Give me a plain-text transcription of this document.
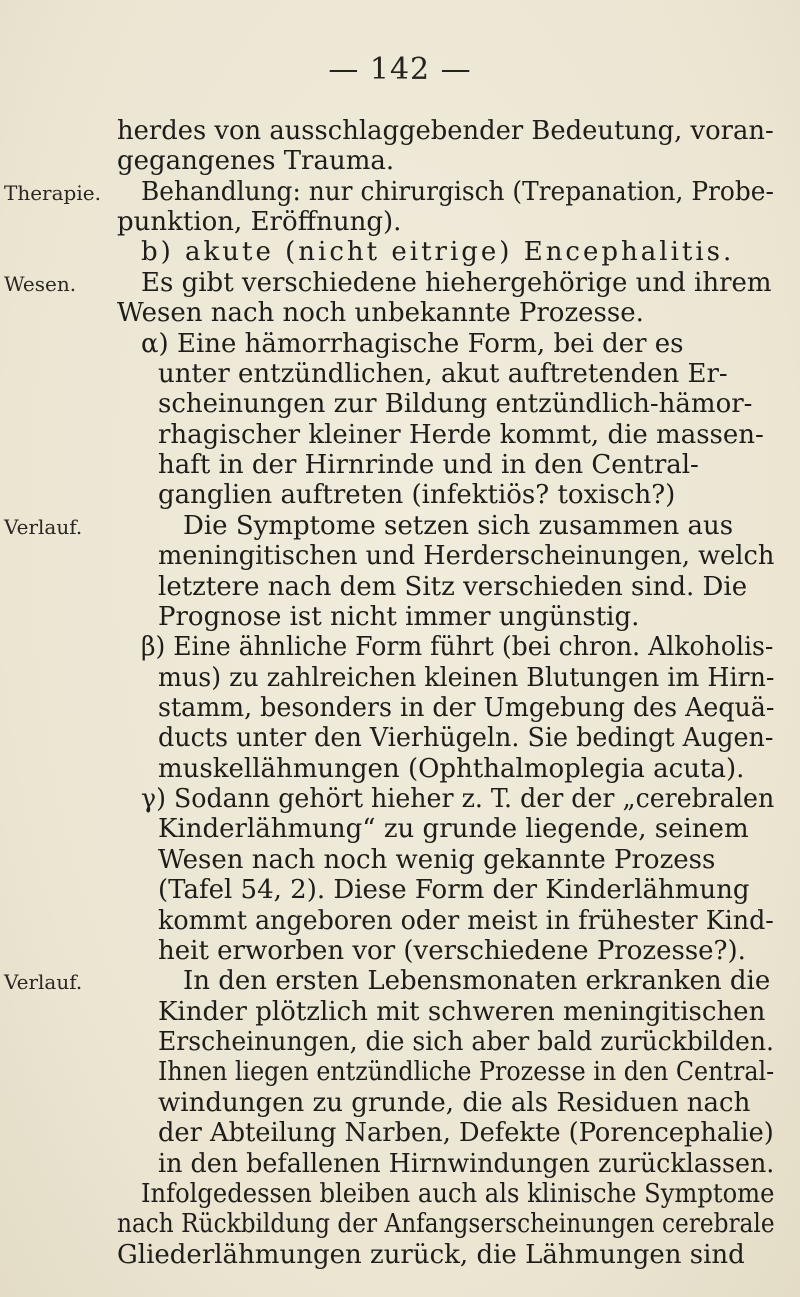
— 142 —
Therapie.
Wesen.
Verlauf.
Verlauf.
herdes von ausschlaggebender Bedeutung, voran-
gegangenes Trauma.
Behandlung: nur chirurgisch (Trepanation, Probe-
punktion, Eröffnung).
b) akute (nicht eitrige) Encephalitis.
Es gibt verschiedene hiehergehörige und ihrem
Wesen nach noch unbekannte Prozesse.
α) Eine hämorrhagische Form, bei der es
unter entzündlichen, akut auftretenden Er-
scheinungen zur Bildung entzündlich-hämor-
rhagischer kleiner Herde kommt, die massen-
haft in der Hirnrinde und in den Central-
ganglien auftreten (infektiös? toxisch?)
Die Symptome setzen sich zusammen aus
meningitischen und Herderscheinungen, welch
letztere nach dem Sitz verschieden sind. Die
Prognose ist nicht immer ungünstig.
β) Eine ähnliche Form führt (bei chron. Alkoholis-
mus) zu zahlreichen kleinen Blutungen im Hirn-
stamm, besonders in der Umgebung des Aequä-
ducts unter den Vierhügeln. Sie bedingt Augen-
muskellähmungen (Ophthalmoplegia acuta).
γ) Sodann gehört hieher z. T. der der „cerebralen
Kinderlähmung“ zu grunde liegende, seinem
Wesen nach noch wenig gekannte Prozess
(Tafel 54, 2). Diese Form der Kinderlähmung
kommt angeboren oder meist in frühester Kind-
heit erworben vor (verschiedene Prozesse?).
In den ersten Lebensmonaten erkranken die
Kinder plötzlich mit schweren meningitischen
Erscheinungen, die sich aber bald zurückbilden.
Ihnen liegen entzündliche Prozesse in den Central-
windungen zu grunde, die als Residuen nach
der Abteilung Narben, Defekte (Porencephalie)
in den befallenen Hirnwindungen zurücklassen.
Infolgedessen bleiben auch als klinische Symptome
nach Rückbildung der Anfangserscheinungen cerebrale
Gliederlähmungen zurück, die Lähmungen sind
